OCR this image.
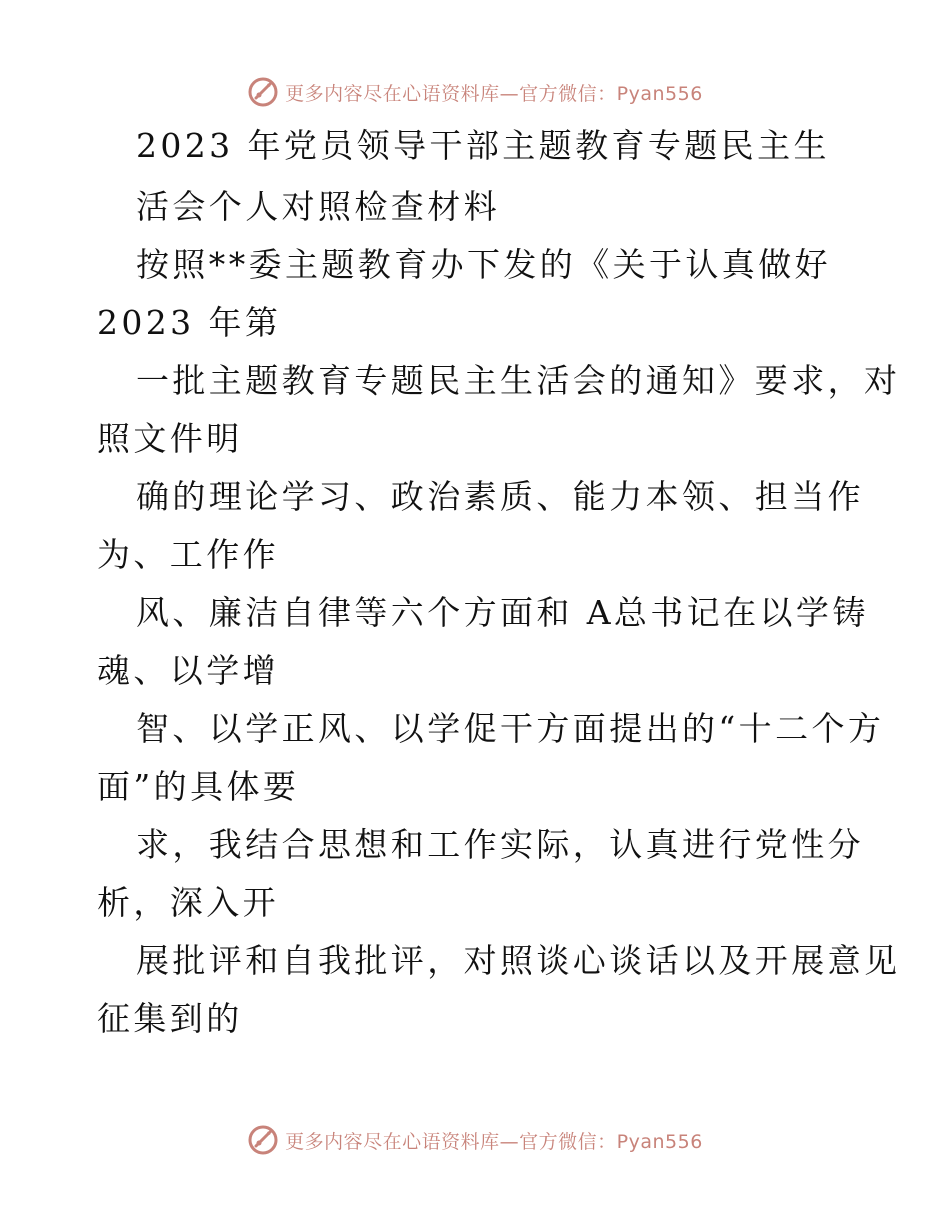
更多内容尽在心语资料库—官方微信：Pyan556
2023 年党员领导干部主题教育专题民主生
活会个人对照检查材料
按照**委主题教育办下发的《关于认真做好
2023 年第
一批主题教育专题民主生活会的通知》要求，对
照文件明
确的理论学习、政治素质、能力本领、担当作
为、工作作
风、廉洁自律等六个方面和 A总书记在以学铸
魂、以学增
智、以学正风、以学促干方面提出的“十二个方
面”的具体要
求，我结合思想和工作实际，认真进行党性分
析，深入开
展批评和自我批评，对照谈心谈话以及开展意见
征集到的
更多内容尽在心语资料库—官方微信：Pyan556
